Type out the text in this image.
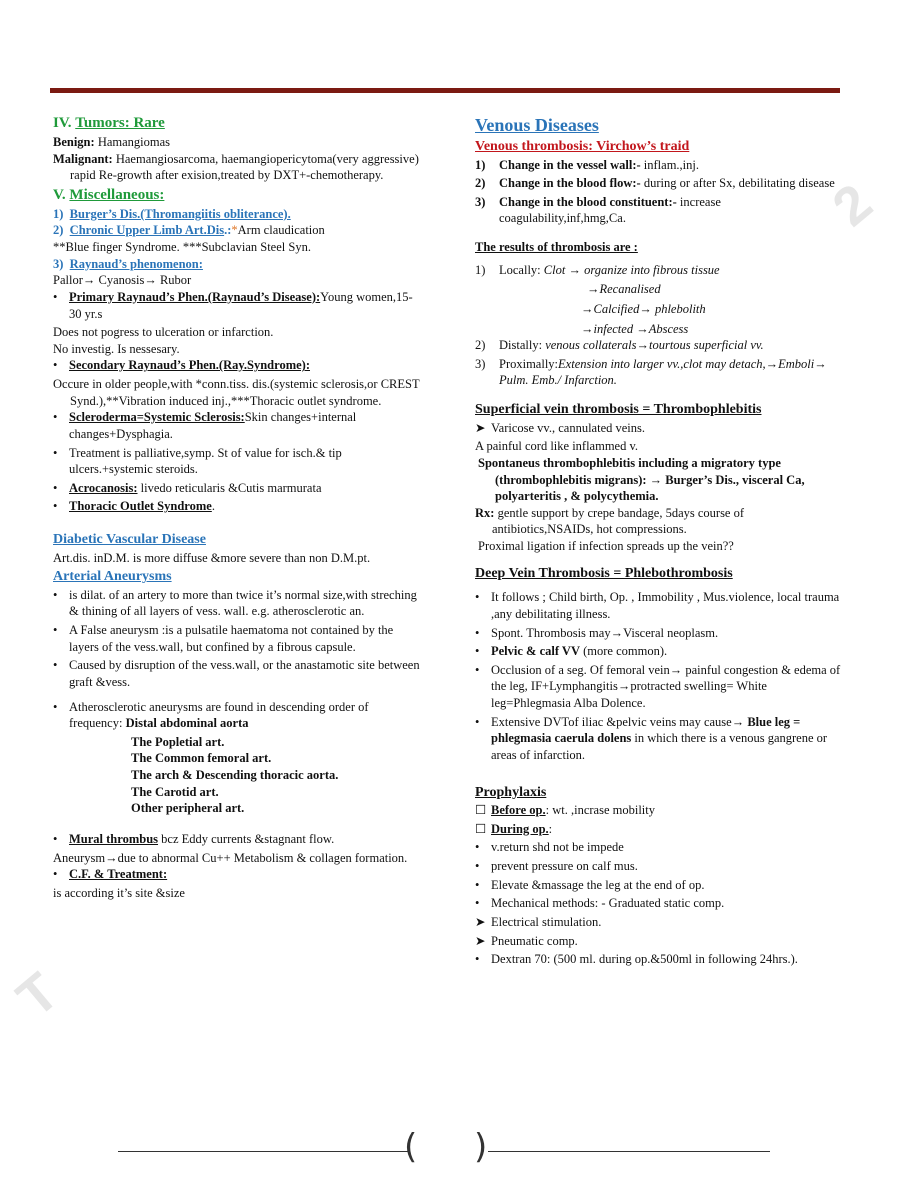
2
T
IV. Tumors: Rare
Benign: Hamangiomas
Malignant: Haemangiosarcoma, haemangiopericytoma(very aggressive) rapid Re-growth after exision,treated by DXT+-chemotherapy.
V. Miscellaneous:
1) Burger’s Dis.(Thromangiitis obliterance).
2) Chronic Upper Limb Art.Dis.:*Arm claudication
**Blue finger Syndrome. ***Subclavian Steel Syn.
3) Raynaud’s phenomenon:
Pallor→ Cyanosis→ Rubor
• Primary Raynaud’s Phen.(Raynaud’s Disease):Young women,15-30 yr.s
Does not pogress to ulceration or infarction.
No investig. Is nessesary.
• Secondary Raynaud’s Phen.(Ray.Syndrome):
Occure in older people,with *conn.tiss. dis.(systemic sclerosis,or CREST Synd.),**Vibration induced inj.,***Thoracic outlet syndrome.
• Scleroderma=Systemic Sclerosis:Skin changes+internal changes+Dysphagia.
• Treatment is palliative,symp. St of value for isch.& tip ulcers.+systemic steroids.
• Acrocanosis: livedo reticularis &Cutis marmurata
• Thoracic Outlet Syndrome.
Diabetic Vascular Disease
Art.dis. inD.M. is more diffuse &more severe than non D.M.pt.
Arterial Aneurysms
• is dilat. of an artery to more than twice it’s normal size,with streching & thining of all layers of vess. wall. e.g. atherosclerotic an.
• A False aneurysm :is a pulsatile haematoma not contained by the layers of the vess.wall, but confined by a fibrous capsule.
• Caused by disruption of the vess.wall, or the anastamotic site between graft &vess.
• Atherosclerotic aneurysms are found in descending order of frequency: Distal abdominal aorta
The Popletial art.
The Common femoral art.
The arch & Descending thoracic aorta.
The Carotid art.
Other peripheral art.
• Mural thrombus bcz Eddy currents &stagnant flow.
Aneurysm→due to abnormal Cu++ Metabolism & collagen formation.
• C.F. & Treatment:
is according it’s site &size
Venous Diseases
Venous thrombosis: Virchow’s traid
1)	Change in the vessel wall:- inflam.,inj.
2)	Change in the blood flow:- during or after Sx, debilitating disease
3)	Change in the blood constituent:- increase coagulability,inf,hmg,Ca.
The results of thrombosis are :
1)	Locally: Clot → organize into fibrous tissue
→Recanalised
→Calcified→ phlebolith
→infected →Abscess
2)	Distally: venous collaterals→tourtous superficial vv.
3)	Proximally:Extension into larger vv.,clot may detach,→Emboli→ Pulm. Emb./ Infarction.
Superficial vein thrombosis = Thrombophlebitis
➤ Varicose vv., cannulated veins.
A painful cord like inflammed v.
Spontaneus thrombophlebitis including a migratory type (thrombophlebitis migrans): → Burger’s Dis., visceral Ca, polyarteritis , & polycythemia.
Rx: gentle support by crepe bandage, 5days course of antibiotics,NSAIDs, hot compressions.
Proximal ligation if infection spreads up the vein??
Deep Vein Thrombosis = Phlebothrombosis
• It follows ; Child birth, Op. , Immobility , Mus.violence, local trauma ,any debilitating illness.
• Spont. Thrombosis may→Visceral neoplasm.
• Pelvic & calf VV (more common).
• Occlusion of a seg. Of femoral vein→ painful congestion & edema of the leg, IF+Lymphangitis→protracted swelling= White leg=Phlegmasia Alba Dolence.
• Extensive DVTof iliac &pelvic veins may cause→ Blue leg = phlegmasia caerula dolens in which there is a venous gangrene or areas of infarction.
Prophylaxis
☐ Before op.: wt. ,incrase mobility
☐ During op.:
• v.return shd not be impede
• prevent pressure on calf mus.
• Elevate &massage the leg at the end of op.
• Mechanical methods: - Graduated static comp.
➤ Electrical stimulation.
➤ Pneumatic comp.
• Dextran 70: (500 ml. during op.&500ml in following 24hrs.).
( )
